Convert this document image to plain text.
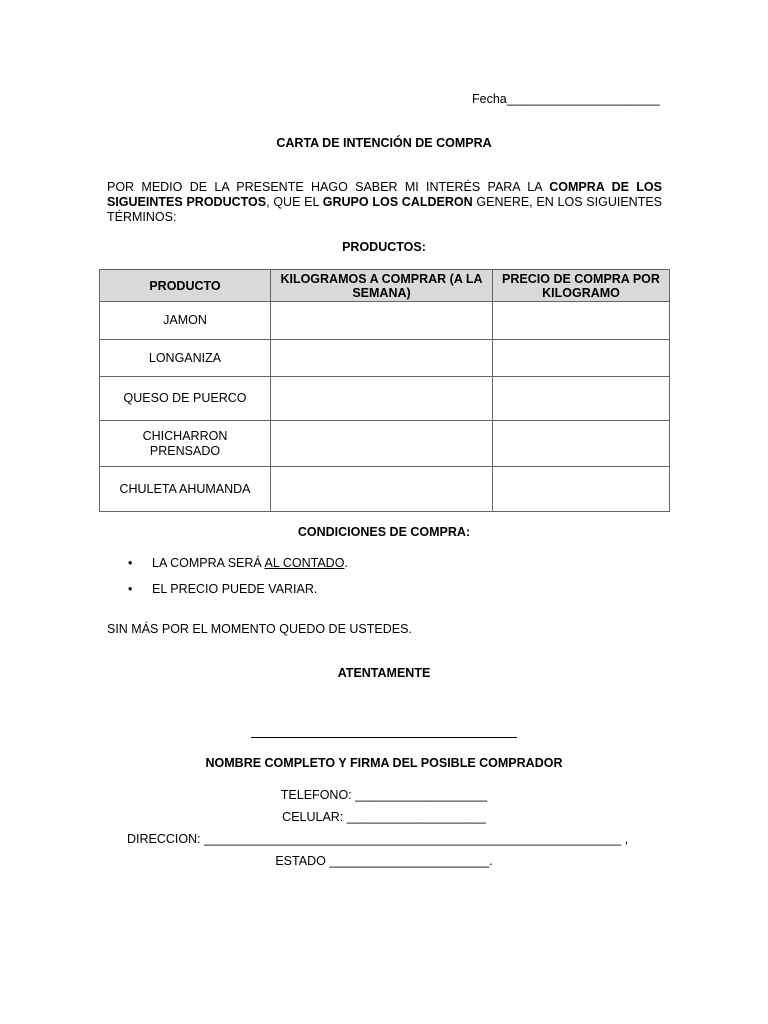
Fecha______________________
CARTA DE INTENCIÓN DE COMPRA
POR MEDIO DE LA PRESENTE HAGO SABER MI INTERÉS PARA LA COMPRA DE LOS SIGUEINTES PRODUCTOS, QUE EL GRUPO LOS CALDERON GENERE, EN LOS SIGUIENTES TÉRMINOS:
PRODUCTOS:
PRODUCTO	KILOGRAMOS A COMPRAR (A LA SEMANA)	PRECIO DE COMPRA POR KILOGRAMO
JAMON		
LONGANIZA		
QUESO DE PUERCO		
CHICHARRON PRENSADO		
CHULETA AHUMANDA		
CONDICIONES DE COMPRA:
• LA COMPRA SERÁ AL CONTADO.
• EL PRECIO PUEDE VARIAR.
SIN MÁS POR EL MOMENTO QUEDO DE USTEDES.
ATENTAMENTE
NOMBRE COMPLETO Y FIRMA DEL POSIBLE COMPRADOR
TELEFONO: ___________________
CELULAR: ____________________
DIRECCION: ____________________________________________________________ ,
ESTADO _______________________.
